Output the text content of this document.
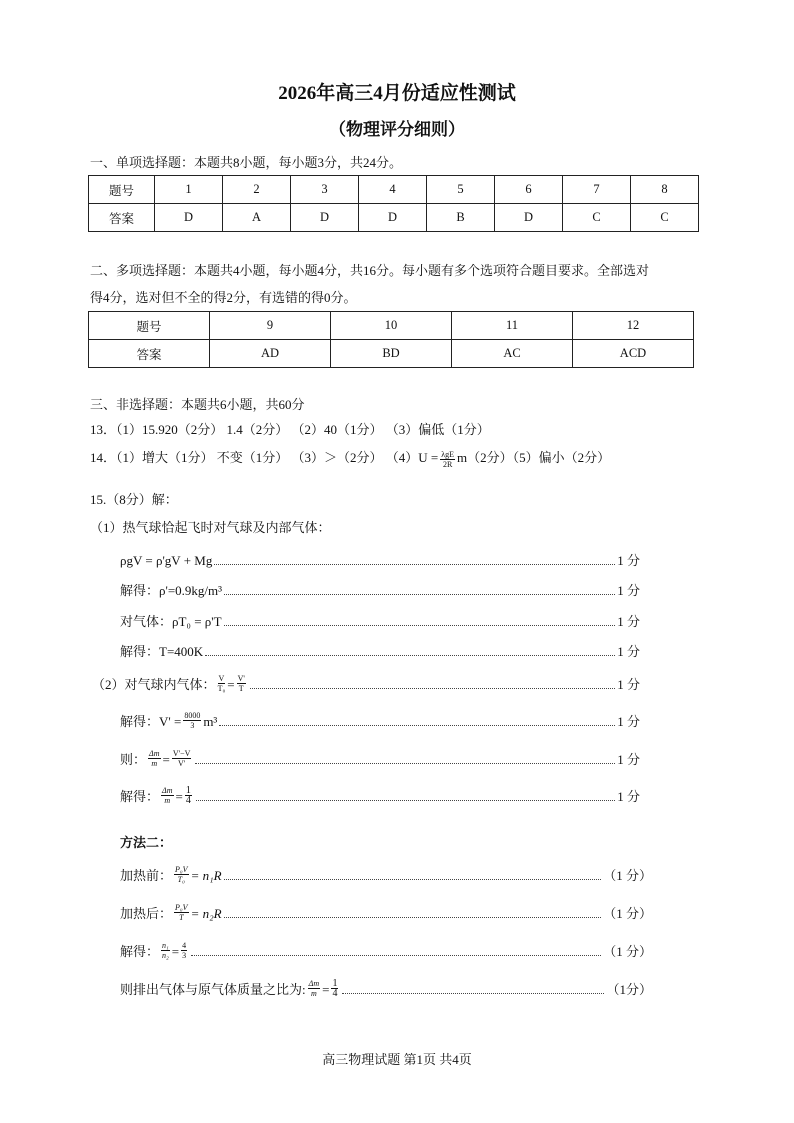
2026年高三4月份适应性测试
（物理评分细则）
一、单项选择题：本题共8小题，每小题3分，共24分。
题号	1	2	3	4	5	6	7	8
答案	D	A	D	D	B	D	C	C
二、多项选择题：本题共4小题，每小题4分，共16分。每小题有多个选项符合题目要求。全部选对
得4分，选对但不全的得2分，有选错的得0分。
题号	9	10	11	12
答案	AD	BD	AC	ACD
三、非选择题：本题共6小题，共60分
13．（1）15.920（2分） 1.4（2分） （2）40（1分） （3）偏低（1分）
14．（1）增大（1分） 不变（1分） （3）＞（2分） $(4)U = \frac{\text{λgE}}{2R} m(2$分）（5）偏小（2分）
15.（8分）解：
（1）热气球恰起飞时对气球及内部气体：
ρgV = ρ'gV + Mg	1 分
解得：ρ'=0.9kg/m³	1 分
对气体：ρT₀ = ρ'T	1 分
解得：T=400K	1 分
（2）对气球内气体： $\frac{V}{\text{T₀}} = \frac{V'}{T}$	1 分
解得：$V' = \frac{8000}{3} m^3$	1 分
则： $\frac{\Delta m}{m} = \frac{V'-V}{V'}$	1 分
解得： $\frac{\Delta m}{m} = \frac{1}{4}$	1 分
方法二：
加热前： $\frac{\text{P₀V}}{\text{T₀}} = n_1R$	（1 分）
加热后： $\frac{\text{P₀V}}{T} = n_2R$	（1 分）
解得： $\frac{\text{n₁}}{\text{n₂}} = \frac{4}{3}$	（1 分）
则排出气体与原气体质量之比为: $\frac{\Delta m}{m} = \frac{1}{4}$	（1分）
高三物理试题 第1页 共4页
